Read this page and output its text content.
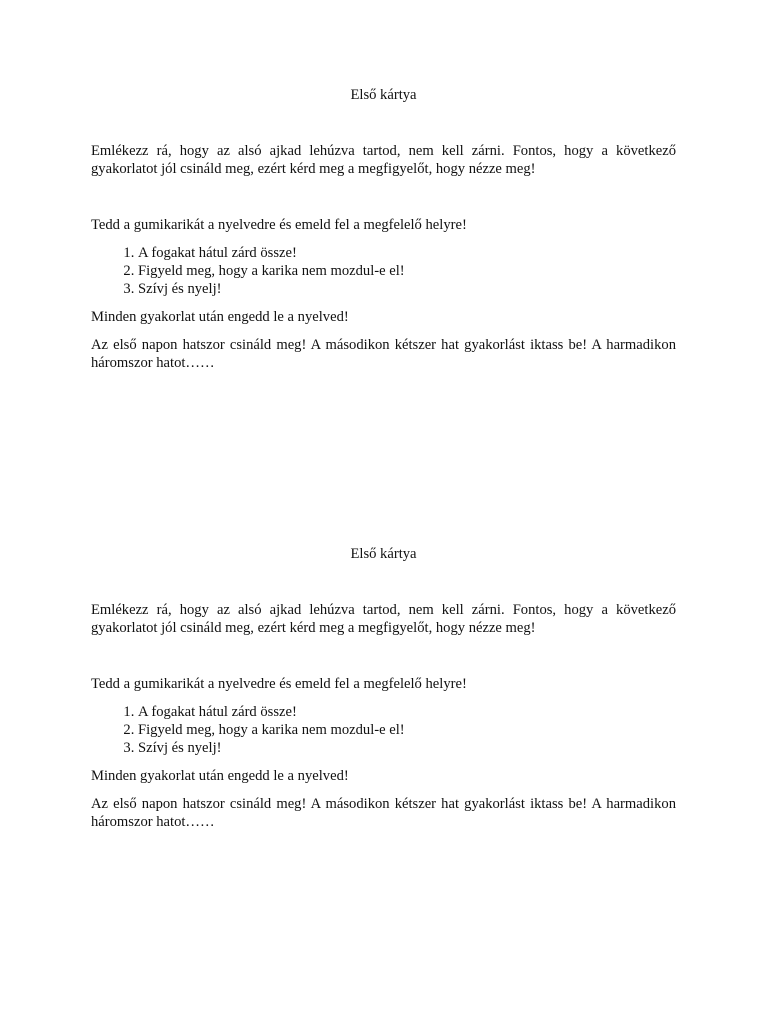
Első kártya

Emlékezz rá, hogy az alsó ajkad lehúzva tartod, nem kell zárni. Fontos, hogy a következő gyakorlatot jól csináld meg, ezért kérd meg a megfigyelőt, hogy nézze meg!

Tedd a gumikarikát a nyelvedre és emeld fel a megfelelő helyre!

1. A fogakat hátul zárd össze!
2. Figyeld meg, hogy a karika nem mozdul-e el!
3. Szívj és nyelj!

Minden gyakorlat után engedd le a nyelved!

Az első napon hatszor csináld meg! A másodikon kétszer hat gyakorlást iktass be! A harmadikon háromszor hatot……

Első kártya

Emlékezz rá, hogy az alsó ajkad lehúzva tartod, nem kell zárni. Fontos, hogy a következő gyakorlatot jól csináld meg, ezért kérd meg a megfigyelőt, hogy nézze meg!

Tedd a gumikarikát a nyelvedre és emeld fel a megfelelő helyre!

1. A fogakat hátul zárd össze!
2. Figyeld meg, hogy a karika nem mozdul-e el!
3. Szívj és nyelj!

Minden gyakorlat után engedd le a nyelved!

Az első napon hatszor csináld meg! A másodikon kétszer hat gyakorlást iktass be! A harmadikon háromszor hatot……
